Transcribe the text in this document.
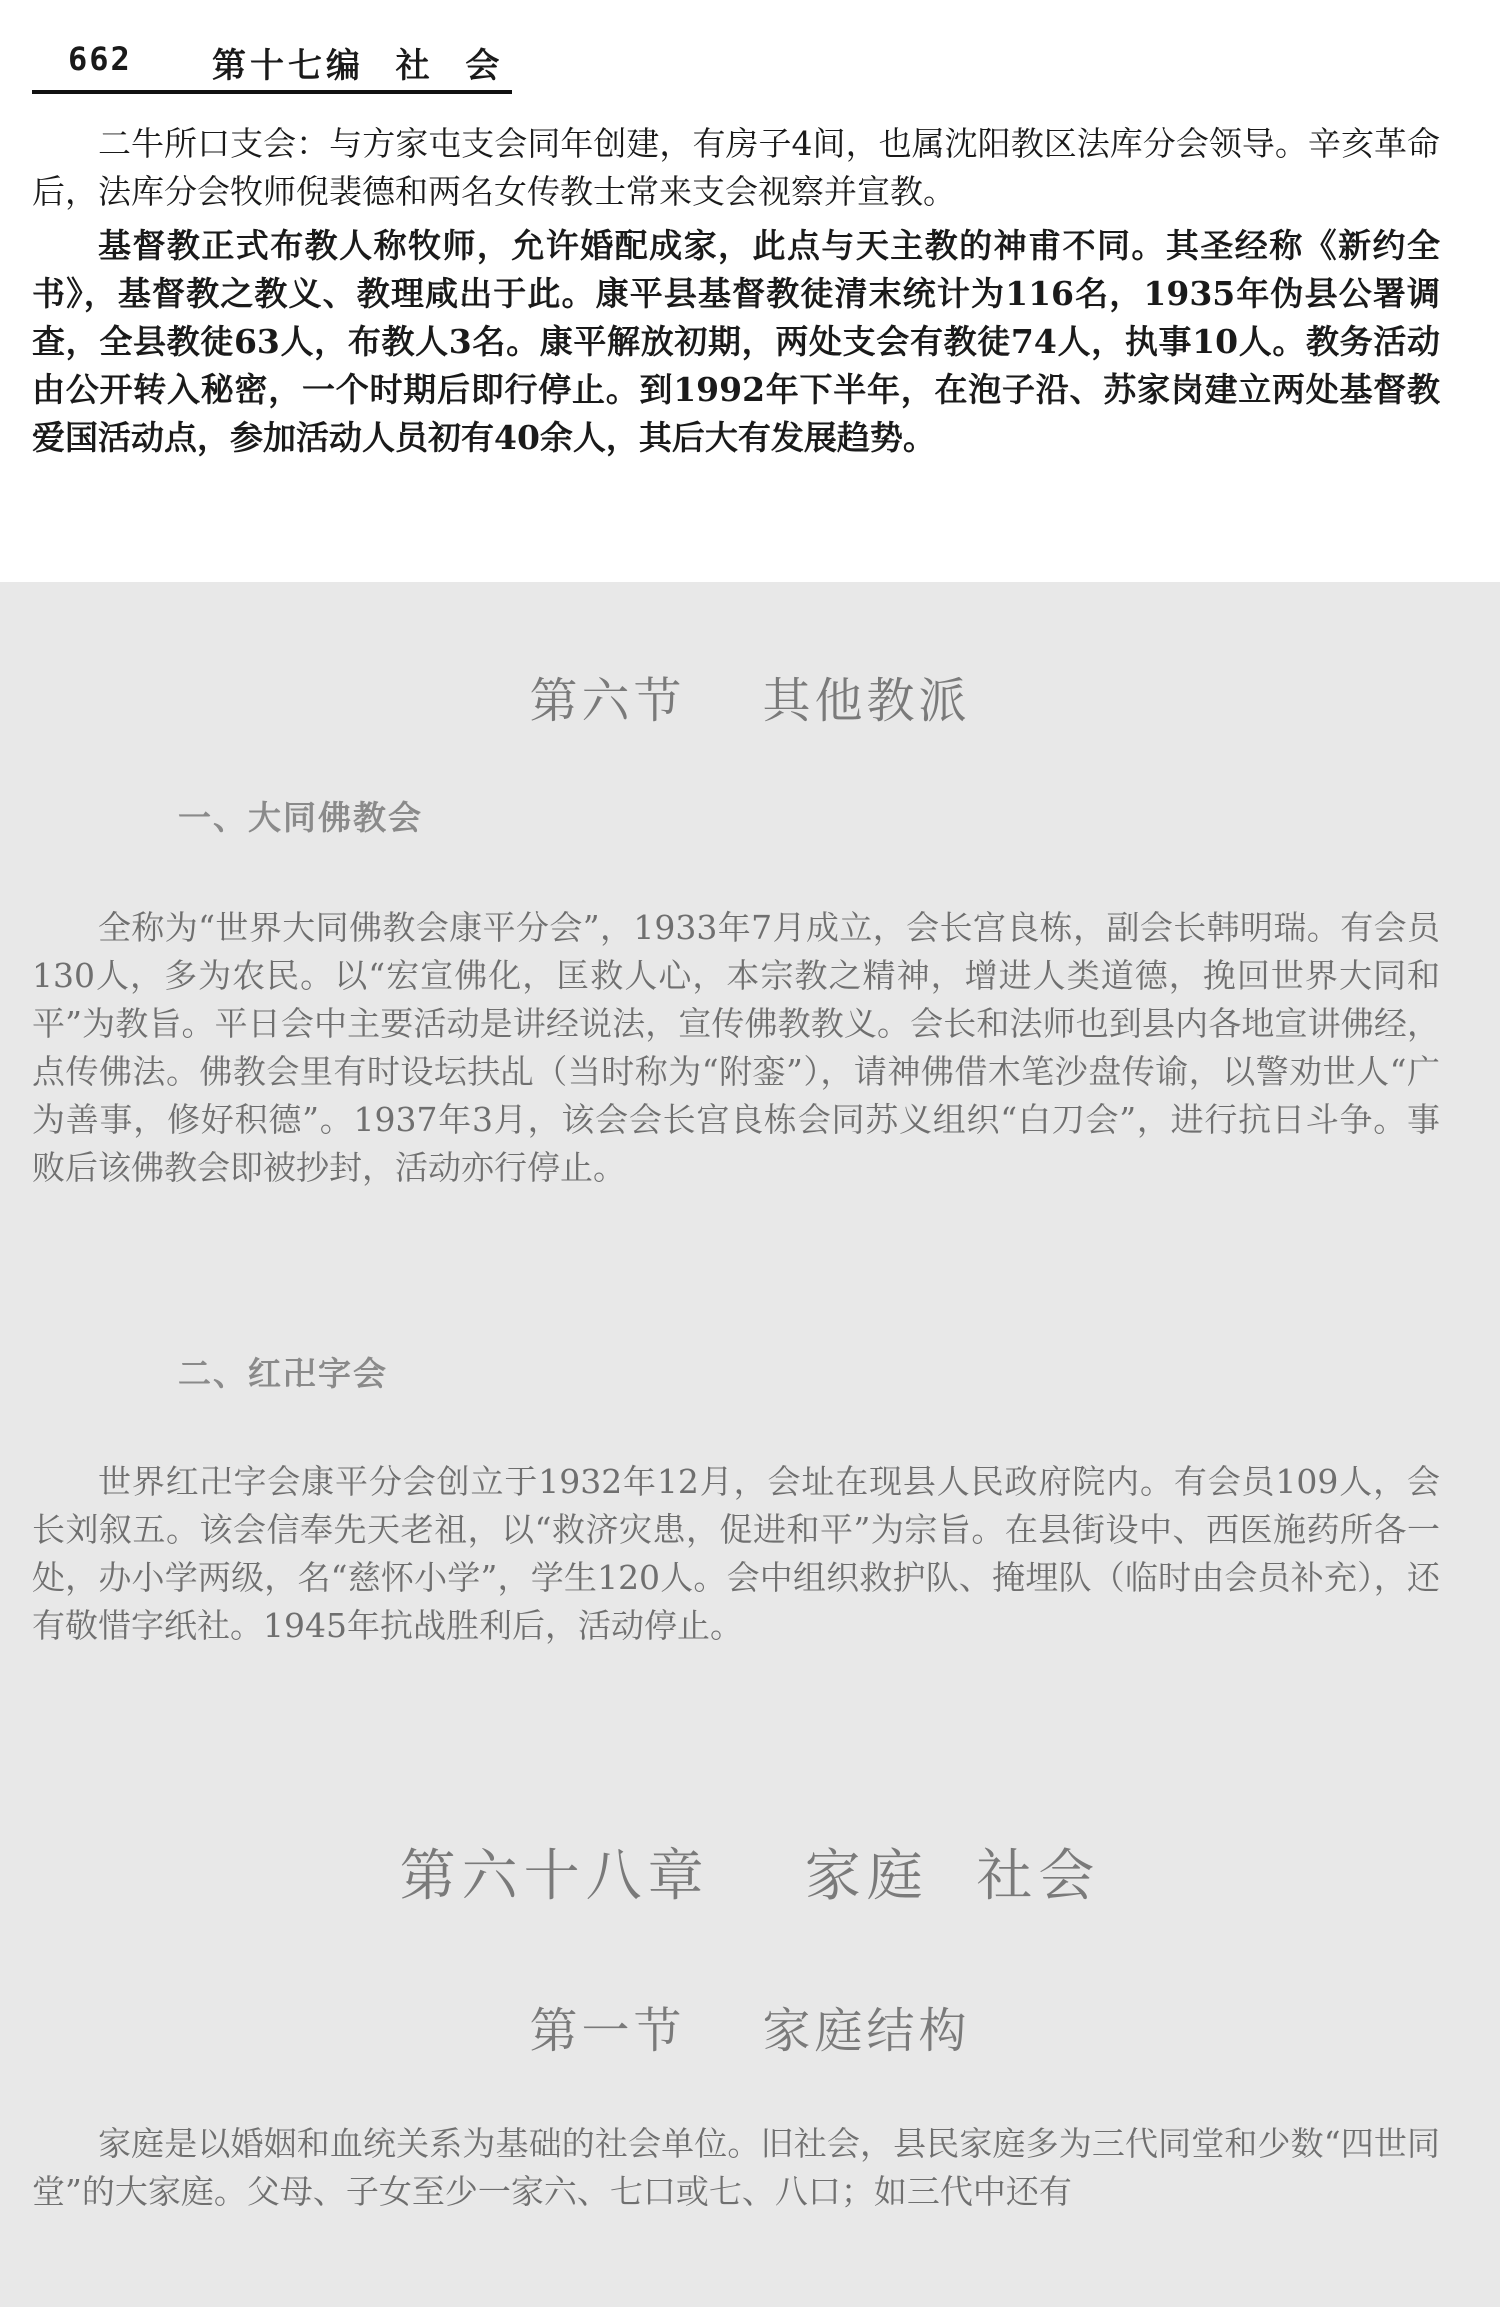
662 第十七编  社  会

二牛所口支会：与方家屯支会同年创建，有房子4间，也属沈阳教区法库分会领导。辛亥革命后，法库分会牧师倪裴德和两名女传教士常来支会视察并宣教。

基督教正式布教人称牧师，允许婚配成家，此点与天主教的神甫不同。其圣经称《新约全书》，基督教之教义、教理咸出于此。康平县基督教徒清末统计为116名，1935年伪县公署调查，全县教徒63人，布教人3名。康平解放初期，两处支会有教徒74人，执事10人。教务活动由公开转入秘密，一个时期后即行停止。到1992年下半年，在泡子沿、苏家岗建立两处基督教爱国活动点，参加活动人员初有40余人，其后大有发展趋势。

第六节    其他教派
一、大同佛教会

全称为“世界大同佛教会康平分会”，1933年7月成立，会长宫良栋，副会长韩明瑞。有会员130人，多为农民。以“宏宣佛化，匡救人心，本宗教之精神，增进人类道德，挽回世界大同和平”为教旨。平日会中主要活动是讲经说法，宣传佛教教义。会长和法师也到县内各地宣讲佛经，点传佛法。佛教会里有时设坛扶乩（当时称为“附銮”），请神佛借木笔沙盘传谕，以警劝世人“广为善事，修好积德”。1937年3月，该会会长宫良栋会同苏义组织“白刀会”，进行抗日斗争。事败后该佛教会即被抄封，活动亦行停止。

二、红卍字会

世界红卍字会康平分会创立于1932年12月，会址在现县人民政府院内。有会员109人，会长刘叙五。该会信奉先天老祖，以“救济灾患，促进和平”为宗旨。在县街设中、西医施药所各一处，办小学两级，名“慈怀小学”，学生120人。会中组织救护队、掩埋队（临时由会员补充），还有敬惜字纸社。1945年抗战胜利后，活动停止。

第六十八章    家庭  社会
第一节    家庭结构

家庭是以婚姻和血统关系为基础的社会单位。旧社会，县民家庭多为三代同堂和少数“四世同堂”的大家庭。父母、子女至少一家六、七口或七、八口；如三代中还有
